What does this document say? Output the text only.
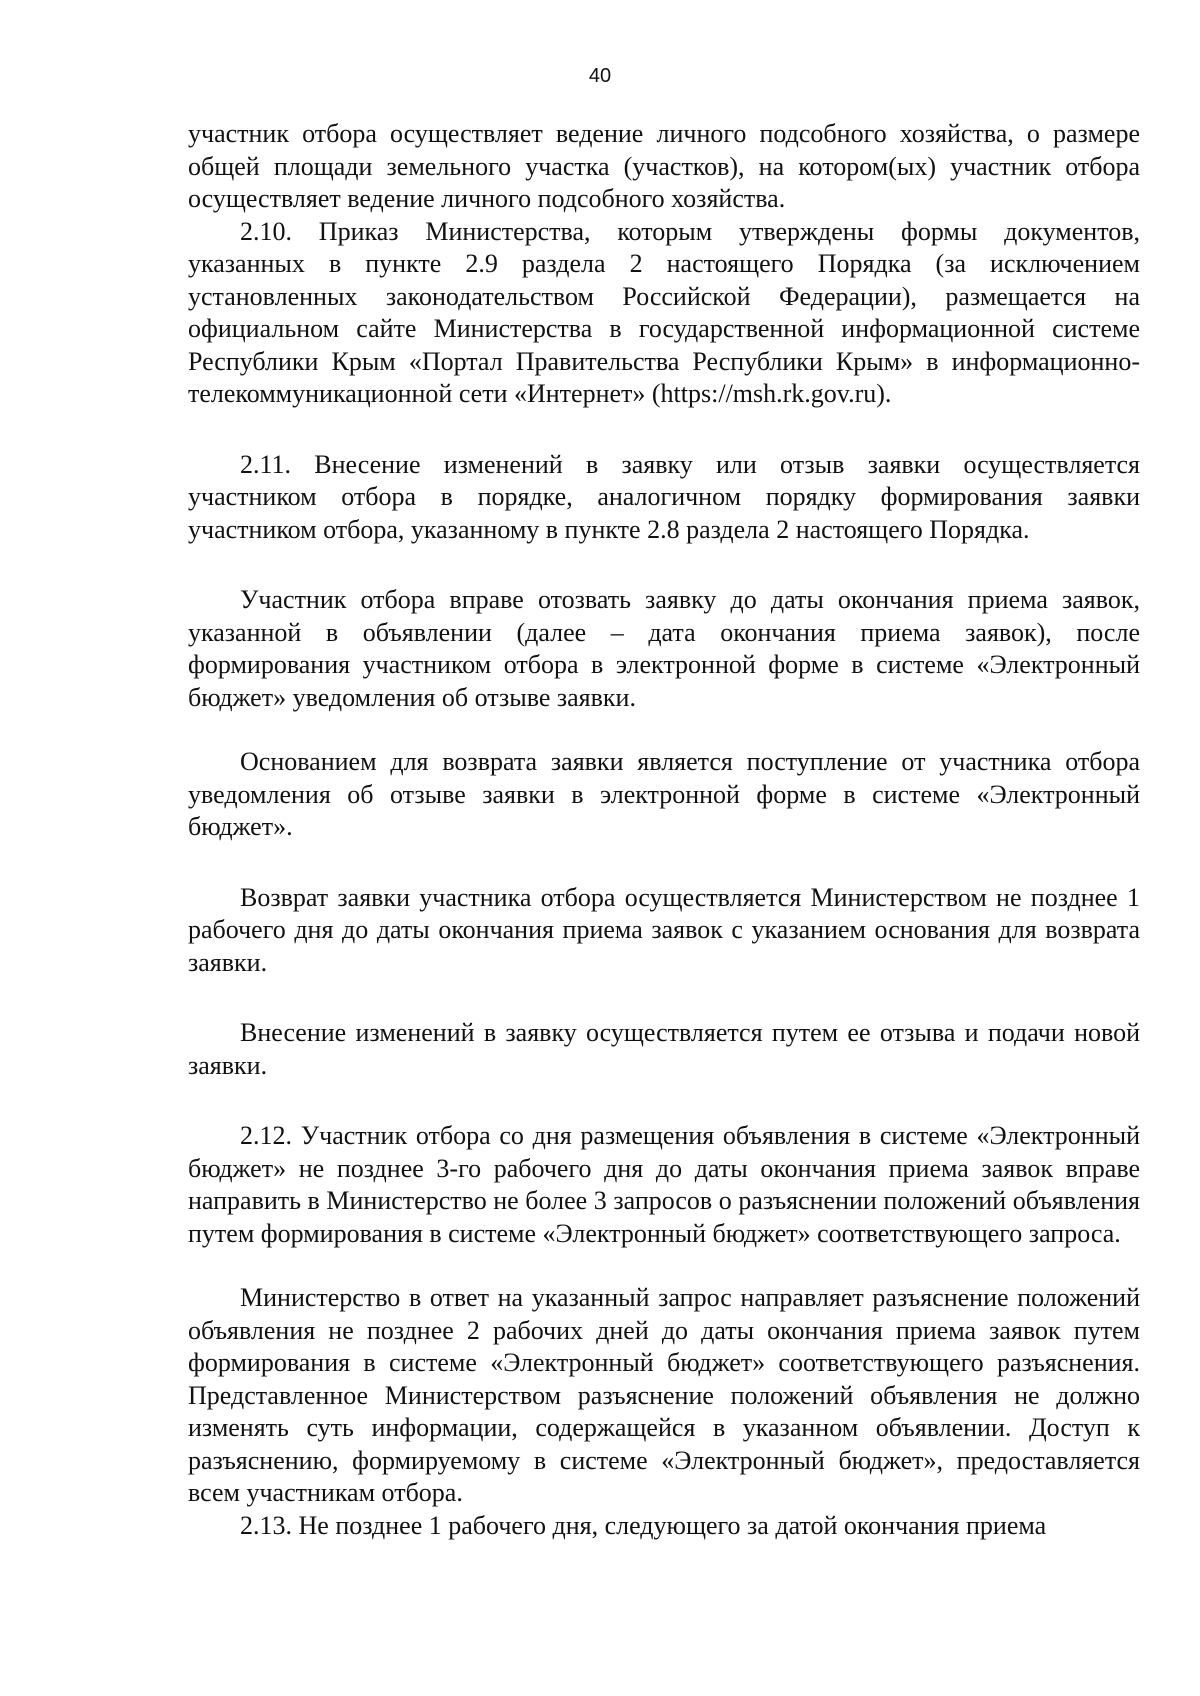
40

участник отбора осуществляет ведение личного подсобного хозяйства, о размере общей площади земельного участка (участков), на котором(ых) участник отбора осуществляет ведение личного подсобного хозяйства.

2.10. Приказ Министерства, которым утверждены формы документов, указанных в пункте 2.9 раздела 2 настоящего Порядка (за исключением установленных законодательством Российской Федерации), размещается на официальном сайте Министерства в государственной информационной системе Республики Крым «Портал Правительства Республики Крым» в информационно-телекоммуникационной сети «Интернет» (https://msh.rk.gov.ru).

2.11. Внесение изменений в заявку или отзыв заявки осуществляется участником отбора в порядке, аналогичном порядку формирования заявки участником отбора, указанному в пункте 2.8 раздела 2 настоящего Порядка.

Участник отбора вправе отозвать заявку до даты окончания приема заявок, указанной в объявлении (далее – дата окончания приема заявок), после формирования участником отбора в электронной форме в системе «Электронный бюджет» уведомления об отзыве заявки.

Основанием для возврата заявки является поступление от участника отбора уведомления об отзыве заявки в электронной форме в системе «Электронный бюджет».

Возврат заявки участника отбора осуществляется Министерством не позднее 1 рабочего дня до даты окончания приема заявок с указанием основания для возврата заявки.

Внесение изменений в заявку осуществляется путем ее отзыва и подачи новой заявки.

2.12. Участник отбора со дня размещения объявления в системе «Электронный бюджет» не позднее 3-го рабочего дня до даты окончания приема заявок вправе направить в Министерство не более 3 запросов о разъяснении положений объявления путем формирования в системе «Электронный бюджет» соответствующего запроса.

Министерство в ответ на указанный запрос направляет разъяснение положений объявления не позднее 2 рабочих дней до даты окончания приема заявок путем формирования в системе «Электронный бюджет» соответствующего разъяснения. Представленное Министерством разъяснение положений объявления не должно изменять суть информации, содержащейся в указанном объявлении. Доступ к разъяснению, формируемому в системе «Электронный бюджет», предоставляется всем участникам отбора.

2.13. Не позднее 1 рабочего дня, следующего за датой окончания приема
